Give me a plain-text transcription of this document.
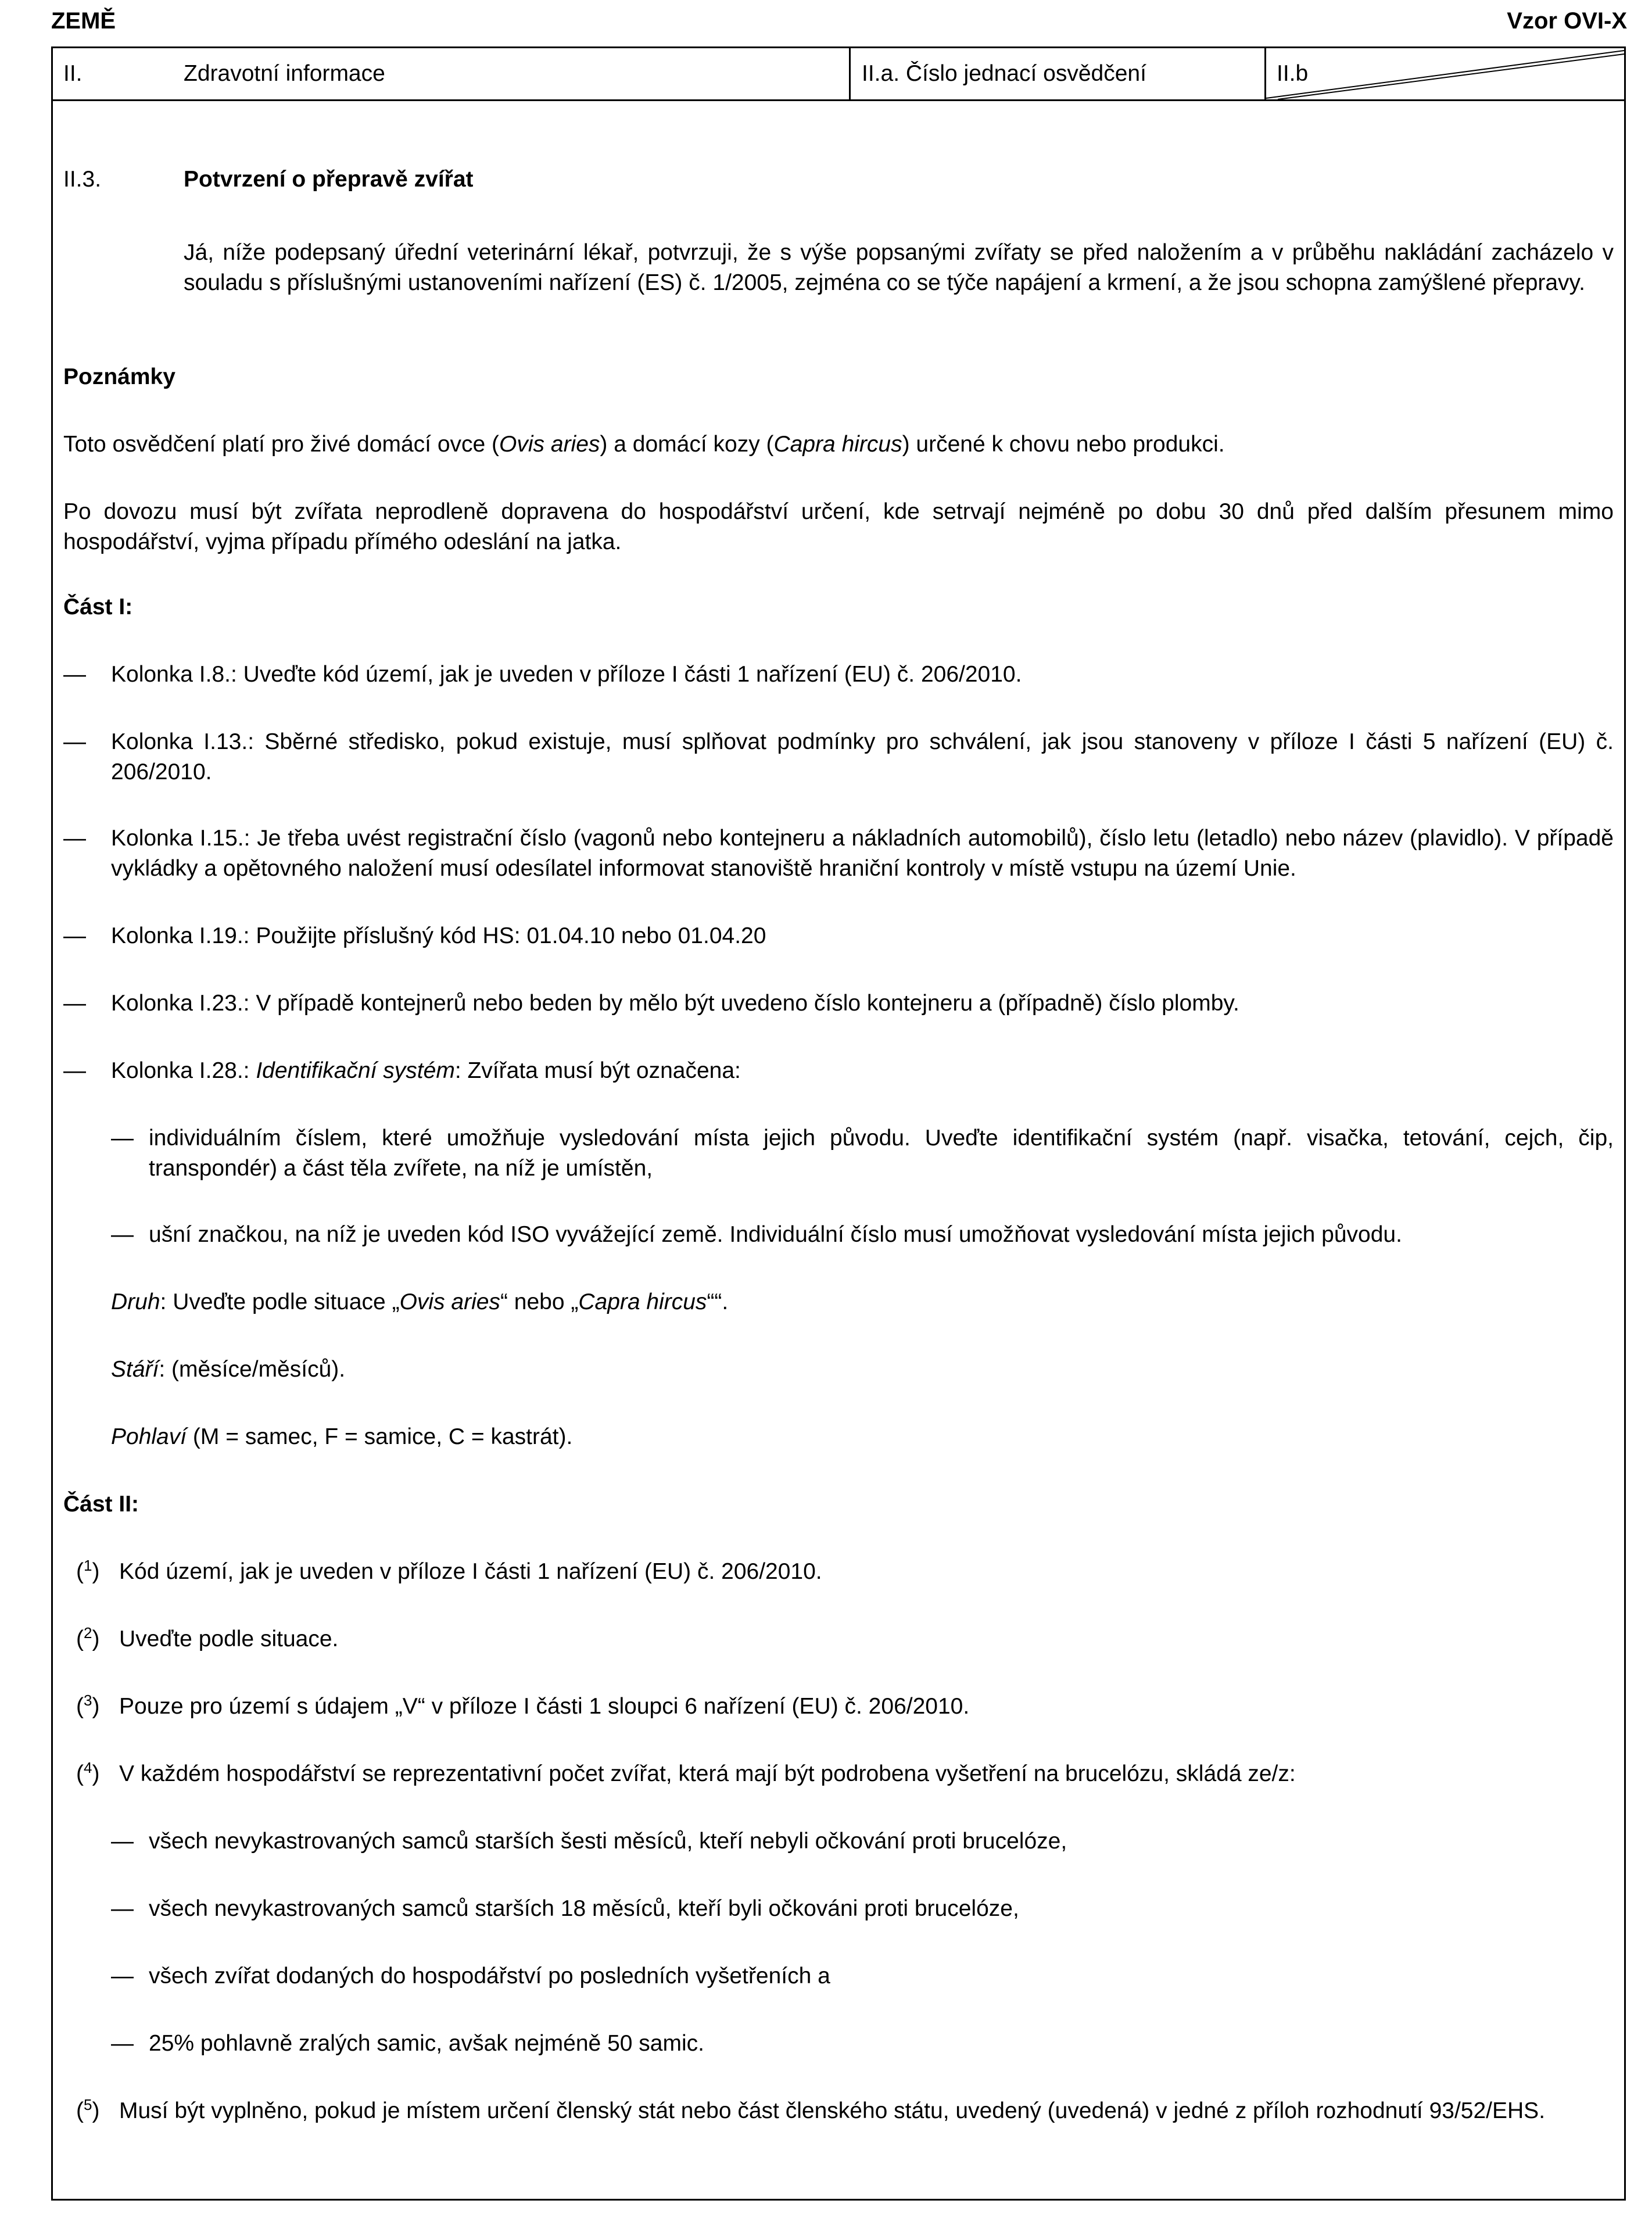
ZEMĚ	Vzor OVI-X
II.	Zdravotní informace	II.a. Číslo jednací osvědčení	II.b

II.3.	Potvrzení o přepravě zvířat

Já, níže podepsaný úřední veterinární lékař, potvrzuji, že s výše popsanými zvířaty se před naložením a v průběhu nakládání zacházelo v souladu s příslušnými ustanoveními nařízení (ES) č. 1/2005, zejména co se týče napájení a krmení, a že jsou schopna zamýšlené přepravy.

Poznámky

Toto osvědčení platí pro živé domácí ovce (Ovis aries) a domácí kozy (Capra hircus) určené k chovu nebo produkci.

Po dovozu musí být zvířata neprodleně dopravena do hospodářství určení, kde setrvají nejméně po dobu 30 dnů před dalším přesunem mimo hospodářství, vyjma případu přímého odeslání na jatka.

Část I:

— Kolonka I.8.: Uveďte kód území, jak je uveden v příloze I části 1 nařízení (EU) č. 206/2010.

— Kolonka I.13.: Sběrné středisko, pokud existuje, musí splňovat podmínky pro schválení, jak jsou stanoveny v příloze I části 5 nařízení (EU) č. 206/2010.

— Kolonka I.15.: Je třeba uvést registrační číslo (vagonů nebo kontejneru a nákladních automobilů), číslo letu (letadlo) nebo název (plavidlo). V případě vykládky a opětovného naložení musí odesílatel informovat stanoviště hraniční kontroly v místě vstupu na území Unie.

— Kolonka I.19.: Použijte příslušný kód HS: 01.04.10 nebo 01.04.20

— Kolonka I.23.: V případě kontejnerů nebo beden by mělo být uvedeno číslo kontejneru a (případně) číslo plomby.

— Kolonka I.28.: Identifikační systém: Zvířata musí být označena:

— individuálním číslem, které umožňuje vysledování místa jejich původu. Uveďte identifikační systém (např. visačka, tetování, cejch, čip, transpondér) a část těla zvířete, na níž je umístěn,

— ušní značkou, na níž je uveden kód ISO vyvážející země. Individuální číslo musí umožňovat vysledování místa jejich původu.

Druh: Uveďte podle situace „Ovis aries“ nebo „Capra hircus““.

Stáří: (měsíce/měsíců).

Pohlaví (M = samec, F = samice, C = kastrát).

Část II:

($^1$) Kód území, jak je uveden v příloze I části 1 nařízení (EU) č. 206/2010.

($^2$) Uveďte podle situace.

($^3$) Pouze pro území s údajem „V“ v příloze I části 1 sloupci 6 nařízení (EU) č. 206/2010.

($^4$) V každém hospodářství se reprezentativní počet zvířat, která mají být podrobena vyšetření na brucelózu, skládá ze/z:

— všech nevykastrovaných samců starších šesti měsíců, kteří nebyli očkování proti brucelóze,

— všech nevykastrovaných samců starších 18 měsíců, kteří byli očkováni proti brucelóze,

— všech zvířat dodaných do hospodářství po posledních vyšetřeních a

— 25% pohlavně zralých samic, avšak nejméně 50 samic.

($^5$) Musí být vyplněno, pokud je místem určení členský stát nebo část členského státu, uvedený (uvedená) v jedné z příloh rozhodnutí 93/52/EHS.
